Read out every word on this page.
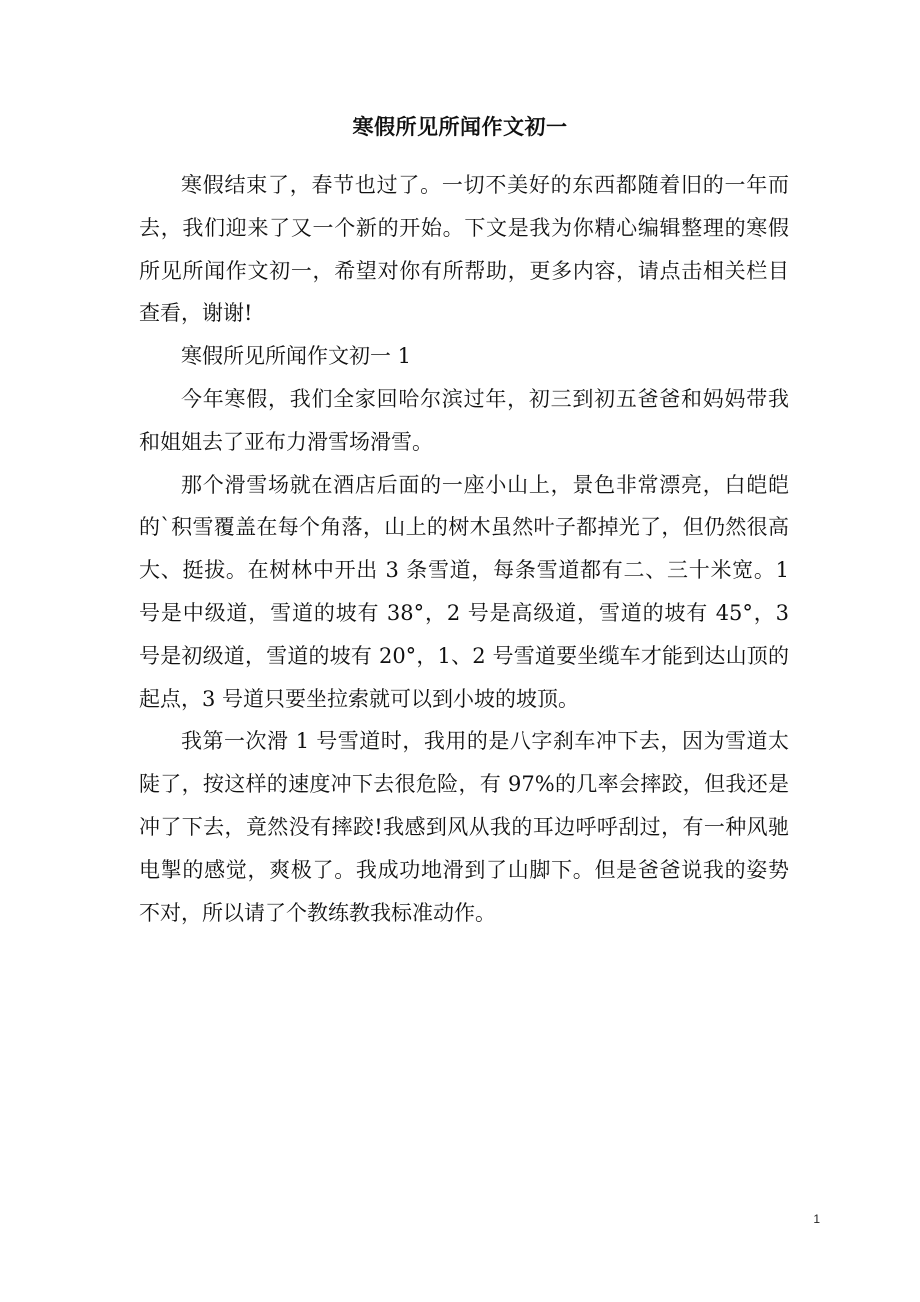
寒假所见所闻作文初一

寒假结束了，春节也过了。一切不美好的东西都随着旧的一年而去，我们迎来了又一个新的开始。下文是我为你精心编辑整理的寒假所见所闻作文初一，希望对你有所帮助，更多内容，请点击相关栏目查看，谢谢!

寒假所见所闻作文初一 1

今年寒假，我们全家回哈尔滨过年，初三到初五爸爸和妈妈带我和姐姐去了亚布力滑雪场滑雪。

那个滑雪场就在酒店后面的一座小山上，景色非常漂亮，白皑皑的`积雪覆盖在每个角落，山上的树木虽然叶子都掉光了，但仍然很高大、挺拔。在树林中开出 3 条雪道，每条雪道都有二、三十米宽。1 号是中级道，雪道的坡有 38°，2 号是高级道，雪道的坡有 45°，3 号是初级道，雪道的坡有 20°，1、2 号雪道要坐缆车才能到达山顶的起点，3 号道只要坐拉索就可以到小坡的坡顶。

我第一次滑 1 号雪道时，我用的是八字刹车冲下去，因为雪道太陡了，按这样的速度冲下去很危险，有 97%的几率会摔跤，但我还是冲了下去，竟然没有摔跤!我感到风从我的耳边呼呼刮过，有一种风驰电掣的感觉，爽极了。我成功地滑到了山脚下。但是爸爸说我的姿势不对，所以请了个教练教我标准动作。

1
